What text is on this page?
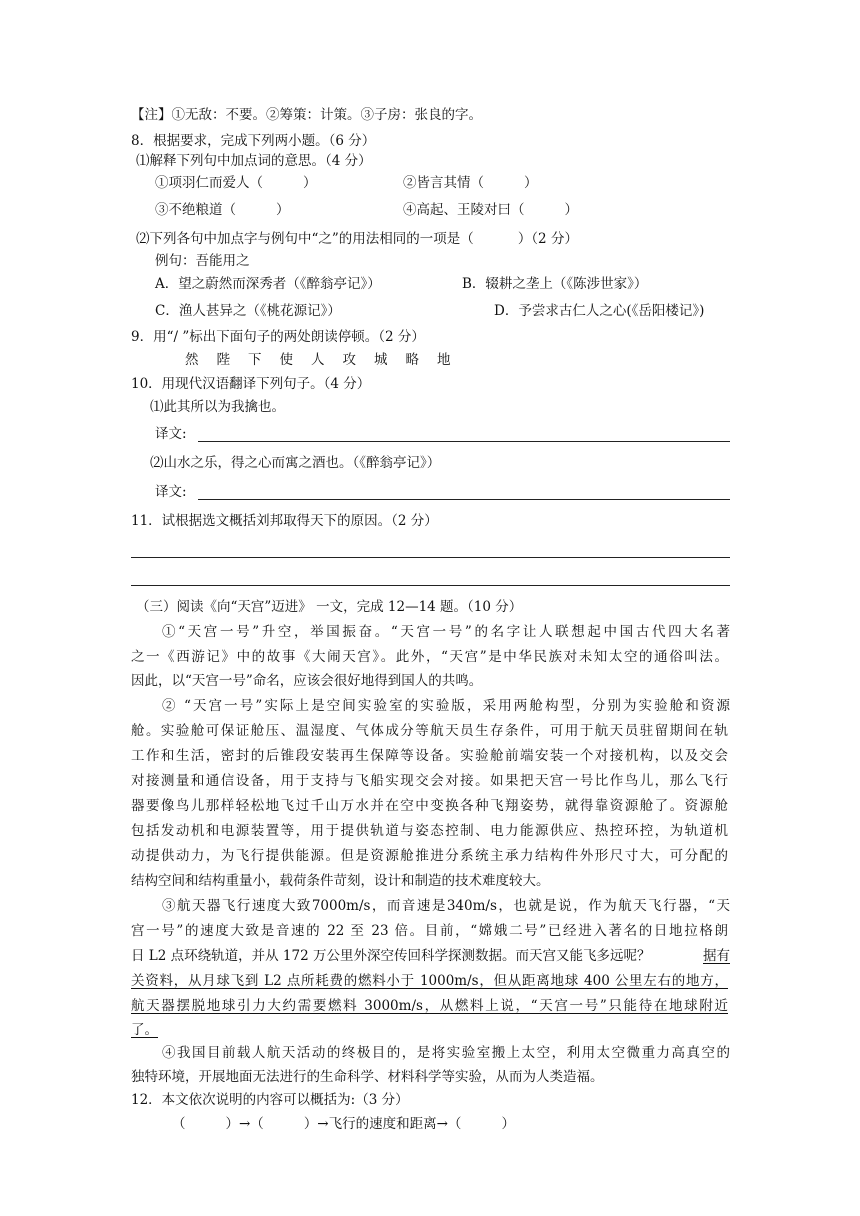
【注】①无敌：不要。②筹策：计策。③子房：张良的字。
8．根据要求，完成下列两小题。（6 分）
⑴解释下列句中加点词的意思。（4 分）
①项羽仁而爱人（	）	②皆言其情（	）
③不绝粮道（	）	④高起、王陵对曰（	）
⑵下列各句中加点字与例句中“之”的用法相同的一项是（	）（2 分）
例句：吾能用之
A．望之蔚然而深秀者（《醉翁亭记》）	B．辍耕之垄上（《陈涉世家》）
C．渔人甚异之（《桃花源记》）	D．予尝求古仁人之心(《岳阳楼记》)
9．用“/ ”标出下面句子的两处朗读停顿。（2 分）
然 陛 下 使 人 攻 城 略 地
10．用现代汉语翻译下列句子。（4 分）
⑴此其所以为我擒也。
译文:
⑵山水之乐，得之心而寓之酒也。（《醉翁亭记》）
译文:
11．试根据选文概括刘邦取得天下的原因。（2 分）
（三）阅读《向“天宫”迈进》 一文，完成 12—14 题。（10 分）
①“天宫一号”升空，举国振奋。“天宫一号”的名字让人联想起中国古代四大名著
之一《西游记》中的故事《大闹天宫》。此外，“天宫”是中华民族对未知太空的通俗叫法。
因此，以“天宫一号”命名，应该会很好地得到国人的共鸣。
② “天宫一号”实际上是空间实验室的实验版，采用两舱构型，分别为实验舱和资源
舱。实验舱可保证舱压、温湿度、气体成分等航天员生存条件，可用于航天员驻留期间在轨
工作和生活，密封的后锥段安装再生保障等设备。实验舱前端安装一个对接机构，以及交会
对接测量和通信设备，用于支持与飞船实现交会对接。如果把天宫一号比作鸟儿，那么飞行
器要像鸟儿那样轻松地飞过千山万水并在空中变换各种飞翔姿势，就得靠资源舱了。资源舱
包括发动机和电源装置等，用于提供轨道与姿态控制、电力能源供应、热控环控，为轨道机
动提供动力，为飞行提供能源。但是资源舱推进分系统主承力结构件外形尺寸大，可分配的
结构空间和结构重量小，载荷条件苛刻，设计和制造的技术难度较大。
③航天器飞行速度大致7000m/s，而音速是340m/s，也就是说，作为航天飞行器，“天
宫一号”的速度大致是音速的 22 至 23 倍。目前，“嫦娥二号”已经进入著名的日地拉格朗
日 L2 点环绕轨道，并从 172 万公里外深空传回科学探测数据。而天宫又能飞多远呢？	据有
关资料，从月球飞到 L2 点所耗费的燃料小于 1000m/s，但从距离地球 400 公里左右的地方，
航天器摆脱地球引力大约需要燃料 3000m/s，从燃料上说，“天宫一号”只能待在地球附近
了。
④我国目前载人航天活动的终极目的，是将实验室搬上太空，利用太空微重力高真空的
独特环境，开展地面无法进行的生命科学、材料科学等实验，从而为人类造福。
12．本文依次说明的内容可以概括为:（3 分）
（	）→（	）→飞行的速度和距离→（	）
